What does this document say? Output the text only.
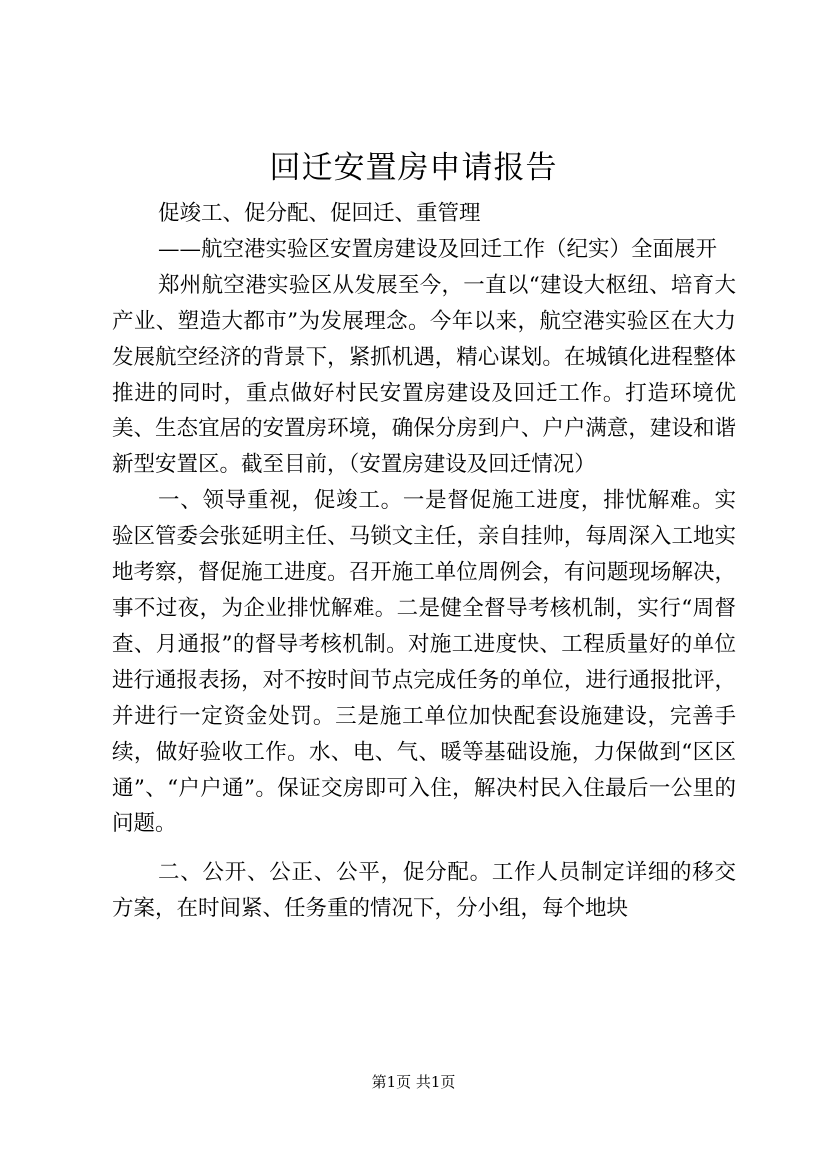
回迁安置房申请报告

促竣工、促分配、促回迁、重管理

——航空港实验区安置房建设及回迁工作（纪实）全面展开

郑州航空港实验区从发展至今，一直以“建设大枢纽、培育大产业、塑造大都市”为发展理念。今年以来，航空港实验区在大力发展航空经济的背景下，紧抓机遇，精心谋划。在城镇化进程整体推进的同时，重点做好村民安置房建设及回迁工作。打造环境优美、生态宜居的安置房环境，确保分房到户、户户满意，建设和谐新型安置区。截至目前，（安置房建设及回迁情况）

一、领导重视，促竣工。一是督促施工进度，排忧解难。实验区管委会张延明主任、马锁文主任，亲自挂帅，每周深入工地实地考察，督促施工进度。召开施工单位周例会，有问题现场解决，事不过夜，为企业排忧解难。二是健全督导考核机制，实行“周督查、月通报”的督导考核机制。对施工进度快、工程质量好的单位进行通报表扬，对不按时间节点完成任务的单位，进行通报批评，并进行一定资金处罚。三是施工单位加快配套设施建设，完善手续，做好验收工作。水、电、气、暖等基础设施，力保做到“区区通”、“户户通”。保证交房即可入住，解决村民入住最后一公里的问题。

二、公开、公正、公平，促分配。工作人员制定详细的移交方案，在时间紧、任务重的情况下，分小组，每个地块

第1页 共1页
